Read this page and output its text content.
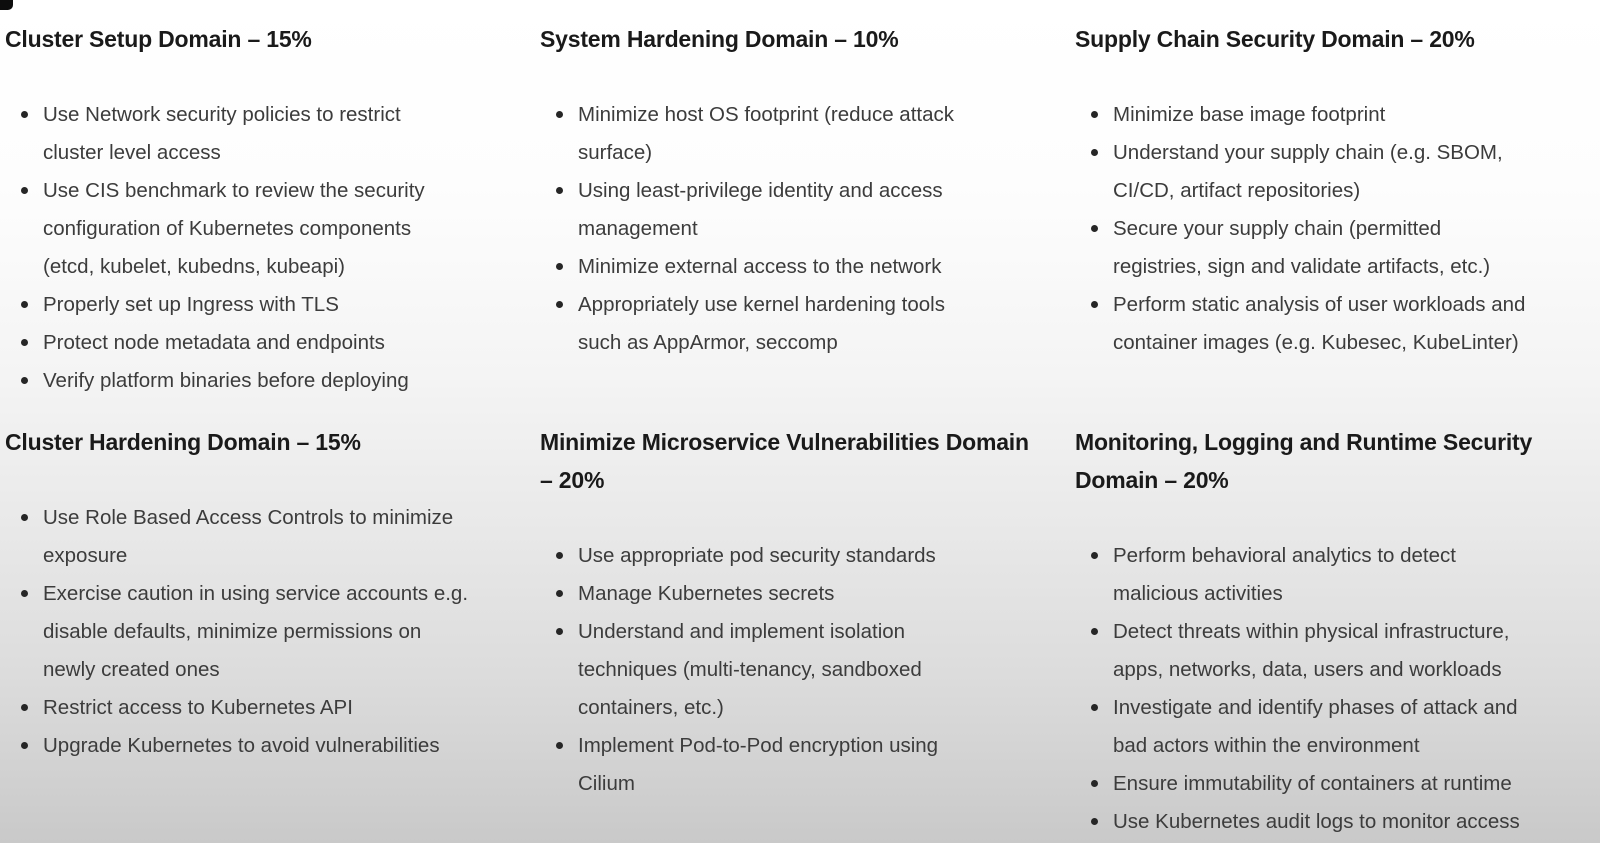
Cluster Setup Domain – 15%
Use Network security policies to restrict
cluster level access
Use CIS benchmark to review the security
configuration of Kubernetes components
(etcd, kubelet, kubedns, kubeapi)
Properly set up Ingress with TLS
Protect node metadata and endpoints
Verify platform binaries before deploying
System Hardening Domain – 10%
Minimize host OS footprint (reduce attack
surface)
Using least-privilege identity and access
management
Minimize external access to the network
Appropriately use kernel hardening tools
such as AppArmor, seccomp
Supply Chain Security Domain – 20%
Minimize base image footprint
Understand your supply chain (e.g. SBOM,
CI/CD, artifact repositories)
Secure your supply chain (permitted
registries, sign and validate artifacts, etc.)
Perform static analysis of user workloads and
container images (e.g. Kubesec, KubeLinter)
Cluster Hardening Domain – 15%
Use Role Based Access Controls to minimize
exposure
Exercise caution in using service accounts e.g.
disable defaults, minimize permissions on
newly created ones
Restrict access to Kubernetes API
Upgrade Kubernetes to avoid vulnerabilities
Minimize Microservice Vulnerabilities Domain
– 20%
Use appropriate pod security standards
Manage Kubernetes secrets
Understand and implement isolation
techniques (multi-tenancy, sandboxed
containers, etc.)
Implement Pod-to-Pod encryption using
Cilium
Monitoring, Logging and Runtime Security
Domain – 20%
Perform behavioral analytics to detect
malicious activities
Detect threats within physical infrastructure,
apps, networks, data, users and workloads
Investigate and identify phases of attack and
bad actors within the environment
Ensure immutability of containers at runtime
Use Kubernetes audit logs to monitor access
